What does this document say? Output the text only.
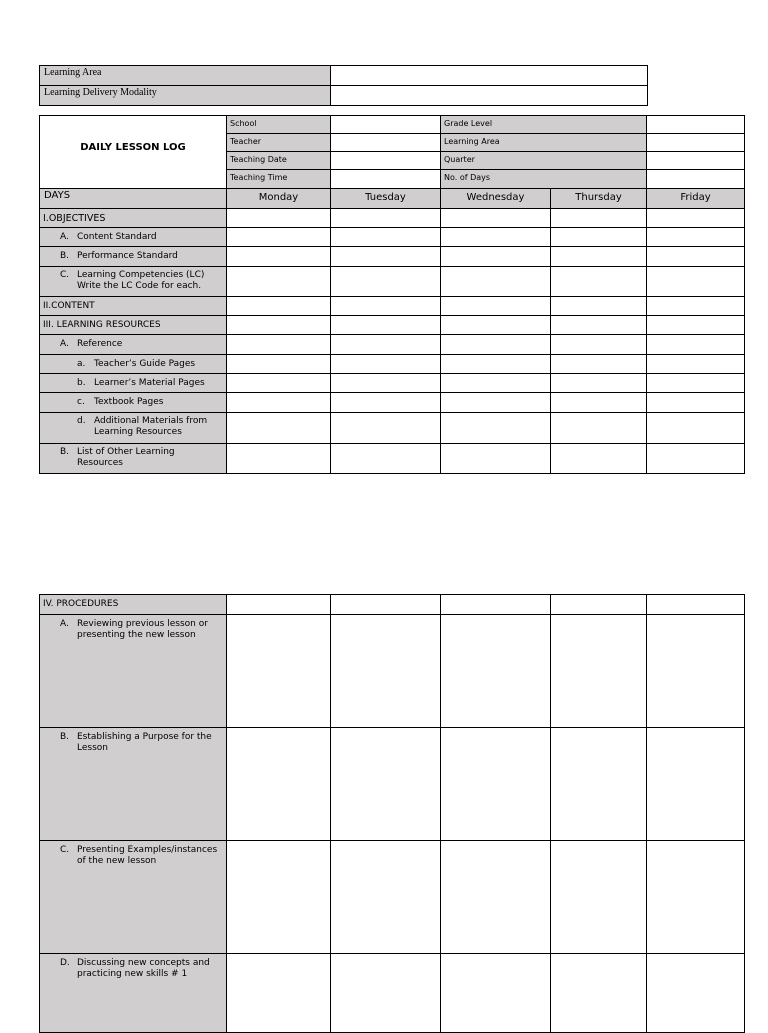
Learning Area
Learning Delivery Modality
DAILY LESSON LOG
School	Grade Level
Teacher	Learning Area
Teaching Date	Quarter
Teaching Time	No. of Days
DAYS	Monday	Tuesday	Wednesday	Thursday	Friday
I.OBJECTIVES
A. Content Standard
B. Performance Standard
C. Learning Competencies (LC)
Write the LC Code for each.
II.CONTENT
III. LEARNING RESOURCES
A. Reference
a. Teacher’s Guide Pages
b. Learner’s Material Pages
c. Textbook Pages
d. Additional Materials from
Learning Resources
B. List of Other Learning
Resources
IV. PROCEDURES
A. Reviewing previous lesson or
presenting the new lesson
B. Establishing a Purpose for the
Lesson
C. Presenting Examples/instances
of the new lesson
D. Discussing new concepts and
practicing new skills # 1
